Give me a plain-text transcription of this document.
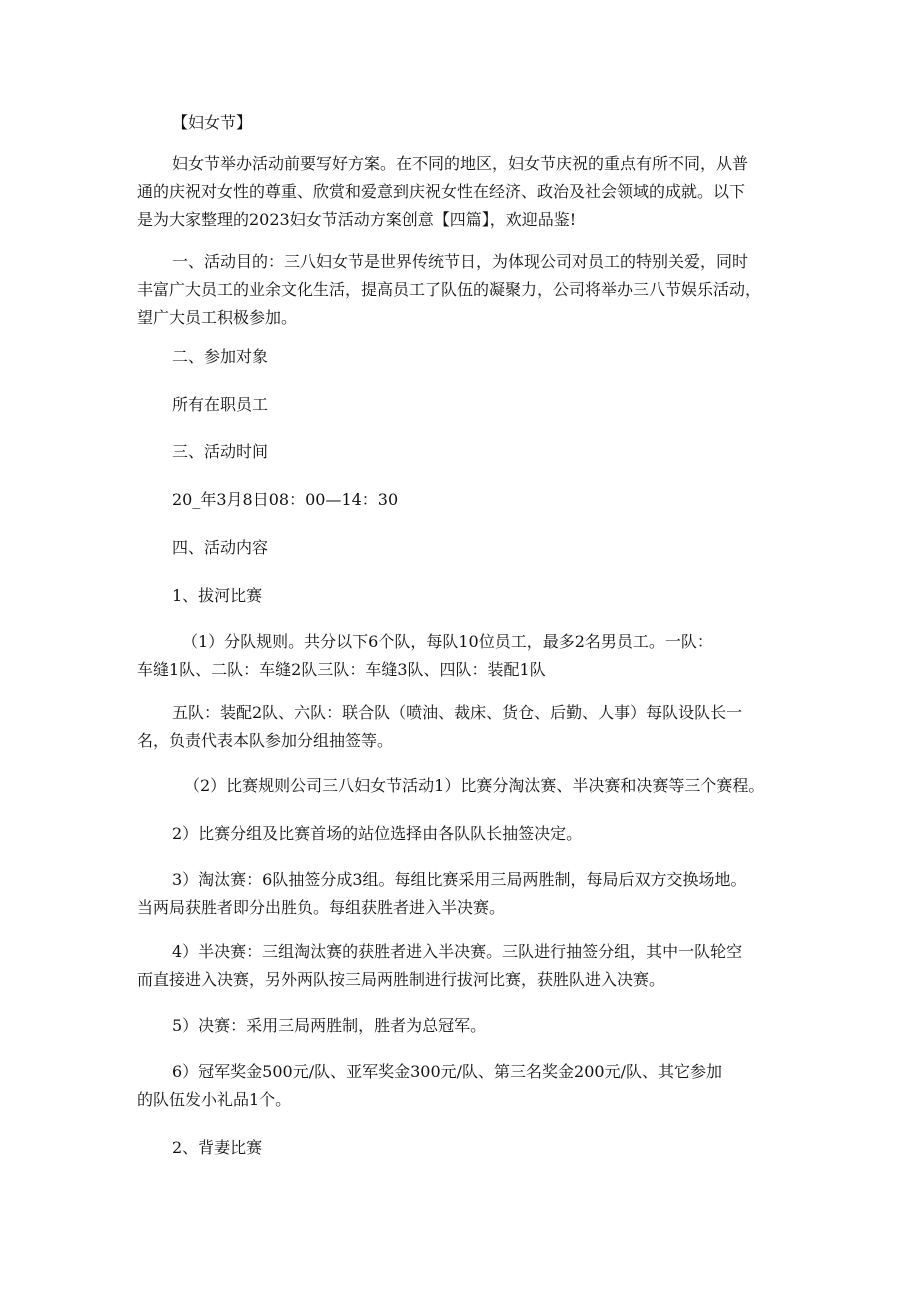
【妇女节】

妇女节举办活动前要写好方案。在不同的地区，妇女节庆祝的重点有所不同，从普
通的庆祝对女性的尊重、欣赏和爱意到庆祝女性在经济、政治及社会领域的成就。以下
是为大家整理的2023妇女节活动方案创意【四篇】，欢迎品鉴!
一、活动目的：三八妇女节是世界传统节日，为体现公司对员工的特别关爱，同时
丰富广大员工的业余文化生活，提高员工了队伍的凝聚力，公司将举办三八节娱乐活动，
望广大员工积极参加。

二、参加对象

所有在职员工

三、活动时间

20_年3月8日08：00—14：30

四、活动内容

1、拔河比赛

（1）分队规则。共分以下6个队，每队10位员工，最多2名男员工。一队：
车缝1队、二队：车缝2队三队：车缝3队、四队：装配1队
五队：装配2队、六队：联合队（喷油、裁床、货仓、后勤、人事）每队设队长一
名，负责代表本队参加分组抽签等。

（2）比赛规则公司三八妇女节活动1）比赛分淘汰赛、半决赛和决赛等三个赛程。

2）比赛分组及比赛首场的站位选择由各队队长抽签决定。

3）淘汰赛：6队抽签分成3组。每组比赛采用三局两胜制，每局后双方交换场地。
当两局获胜者即分出胜负。每组获胜者进入半决赛。
4）半决赛：三组淘汰赛的获胜者进入半决赛。三队进行抽签分组，其中一队轮空
而直接进入决赛，另外两队按三局两胜制进行拔河比赛，获胜队进入决赛。

5）决赛：采用三局两胜制，胜者为总冠军。

6）冠军奖金500元/队、亚军奖金300元/队、第三名奖金200元/队、其它参加
的队伍发小礼品1个。

2、背妻比赛
